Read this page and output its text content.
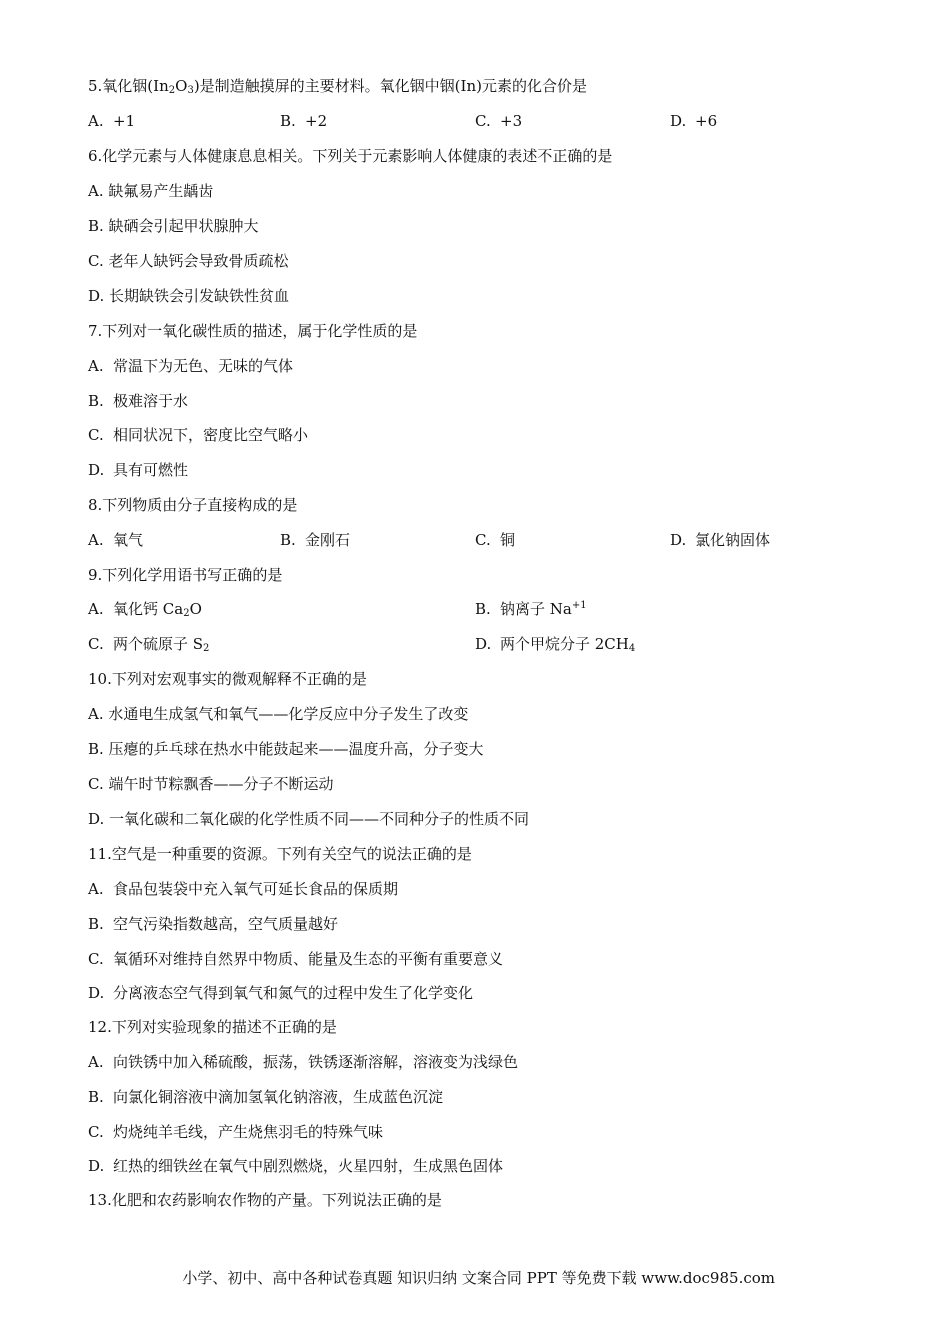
5.氧化铟$(In_2O_3)$是制造触摸屏的主要材料。氧化铟中铟(In)元素的化合价是
A. +1	B. +2	C. +3	D. +6
6.化学元素与人体健康息息相关。下列关于元素影响人体健康的表述不正确的是
A. 缺氟易产生龋齿
B. 缺硒会引起甲状腺肿大
C. 老年人缺钙会导致骨质疏松
D. 长期缺铁会引发缺铁性贫血
7.下列对一氧化碳性质的描述，属于化学性质的是
A. 常温下为无色、无味的气体
B. 极难溶于水
C. 相同状况下，密度比空气略小
D. 具有可燃性
8.下列物质由分子直接构成的是
A. 氧气	B. 金刚石	C. 铜	D. 氯化钠固体
9.下列化学用语书写正确的是
A. 氧化钙 $Ca_2O$	B. 钠离子 $Na^{+1}$
C. 两个硫原子 $S_2$	D. 两个甲烷分子 $2CH_4$
10.下列对宏观事实的微观解释不正确的是
A. 水通电生成氢气和氧气——化学反应中分子发生了改变
B. 压瘪的乒乓球在热水中能鼓起来——温度升高，分子变大
C. 端午时节粽飘香——分子不断运动
D. 一氧化碳和二氧化碳的化学性质不同——不同种分子的性质不同
11.空气是一种重要的资源。下列有关空气的说法正确的是
A. 食品包装袋中充入氧气可延长食品的保质期
B. 空气污染指数越高，空气质量越好
C. 氧循环对维持自然界中物质、能量及生态的平衡有重要意义
D. 分离液态空气得到氧气和氮气的过程中发生了化学变化
12.下列对实验现象的描述不正确的是
A. 向铁锈中加入稀硫酸，振荡，铁锈逐渐溶解，溶液变为浅绿色
B. 向氯化铜溶液中滴加氢氧化钠溶液，生成蓝色沉淀
C. 灼烧纯羊毛线，产生烧焦羽毛的特殊气味
D. 红热的细铁丝在氧气中剧烈燃烧，火星四射，生成黑色固体
13.化肥和农药影响农作物的产量。下列说法正确的是
小学、初中、高中各种试卷真题 知识归纳 文案合同 PPT 等免费下载 www.doc985.com
